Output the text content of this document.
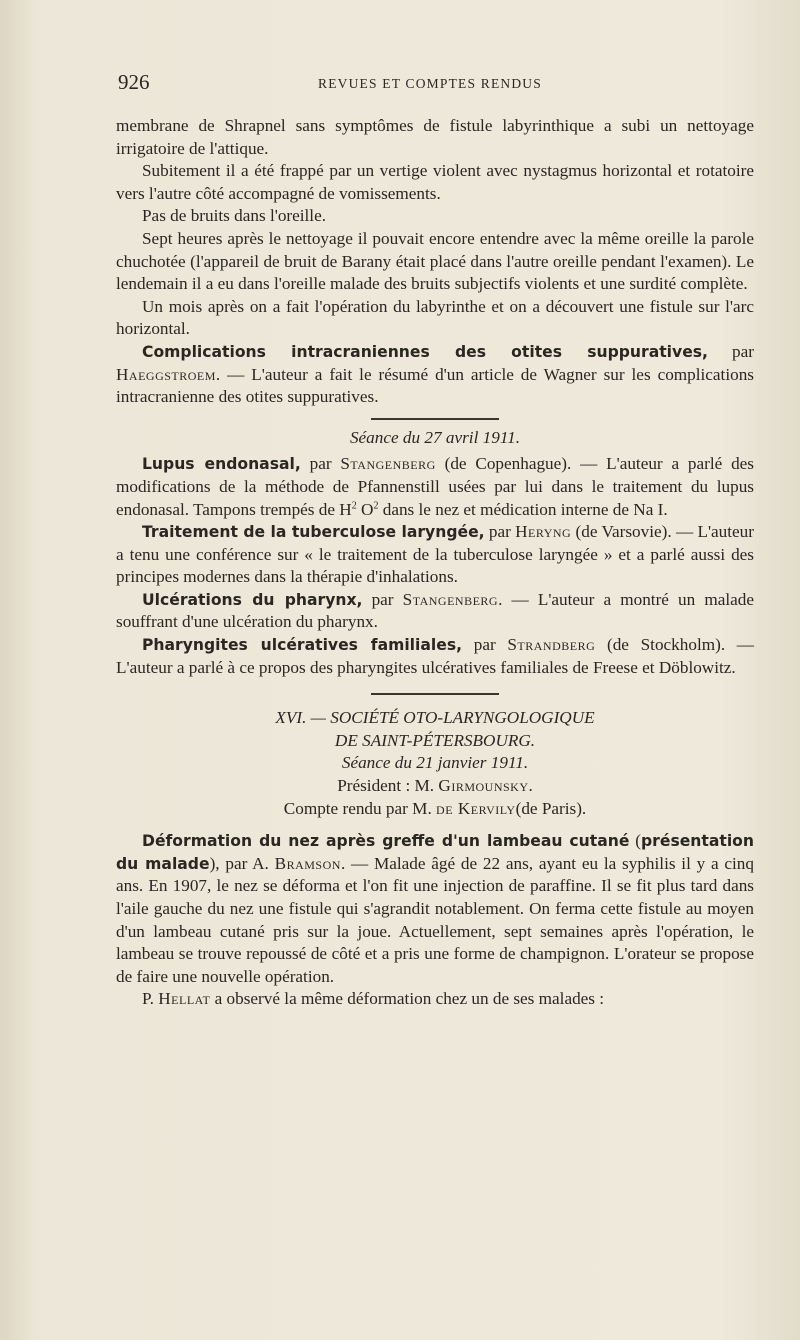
926	REVUES ET COMPTES RENDUS

membrane de Shrapnel sans symptômes de fistule labyrinthique a subi un nettoyage irrigatoire de l'attique.

Subitement il a été frappé par un vertige violent avec nystagmus horizontal et rotatoire vers l'autre côté accompagné de vomissements.

Pas de bruits dans l'oreille.

Sept heures après le nettoyage il pouvait encore entendre avec la même oreille la parole chuchotée (l'appareil de bruit de Barany était placé dans l'autre oreille pendant l'examen). Le lendemain il a eu dans l'oreille malade des bruits subjectifs violents et une surdité complète.

Un mois après on a fait l'opération du labyrinthe et on a découvert une fistule sur l'arc horizontal.

Complications intracraniennes des otites suppuratives, par Haeggstroem. — L'auteur a fait le résumé d'un article de Wagner sur les complications intracranienne des otites suppuratives.

Séance du 27 avril 1911.

Lupus endonasal, par Stangenberg (de Copenhague). — L'auteur a parlé des modifications de la méthode de Pfannenstill usées par lui dans le traitement du lupus endonasal. Tampons trempés de $H^2$ $O^2$ dans le nez et médication interne de Na I.

Traitement de la tuberculose laryngée, par Heryng (de Varsovie). — L'auteur a tenu une conférence sur « le traitement de la tuberculose laryngée » et a parlé aussi des principes modernes dans la thérapie d'inhalations.

Ulcérations du pharynx, par Stangenberg. — L'auteur a montré un malade souffrant d'une ulcération du pharynx.

Pharyngites ulcératives familiales, par Strandberg (de Stockholm). — L'auteur a parlé à ce propos des pharyngites ulcératives familiales de Freese et Döblowitz.

XVI. — SOCIÉTÉ OTO-LARYNGOLOGIQUE

DE SAINT-PÉTERSBOURG.

Séance du 21 janvier 1911.

Président : M. Girmounsky.

Compte rendu par M. de Kervily(de Paris).

Déformation du nez après greffe d'un lambeau cutané (présentation du malade), par A. Bramson. — Malade âgé de 22 ans, ayant eu la syphilis il y a cinq ans. En 1907, le nez se déforma et l'on fit une injection de paraffine. Il se fit plus tard dans l'aile gauche du nez une fistule qui s'agrandit notablement. On ferma cette fistule au moyen d'un lambeau cutané pris sur la joue. Actuellement, sept semaines après l'opération, le lambeau se trouve repoussé de côté et a pris une forme de champignon. L'orateur se propose de faire une nouvelle opération.

P. Hellat a observé la même déformation chez un de ses malades :
